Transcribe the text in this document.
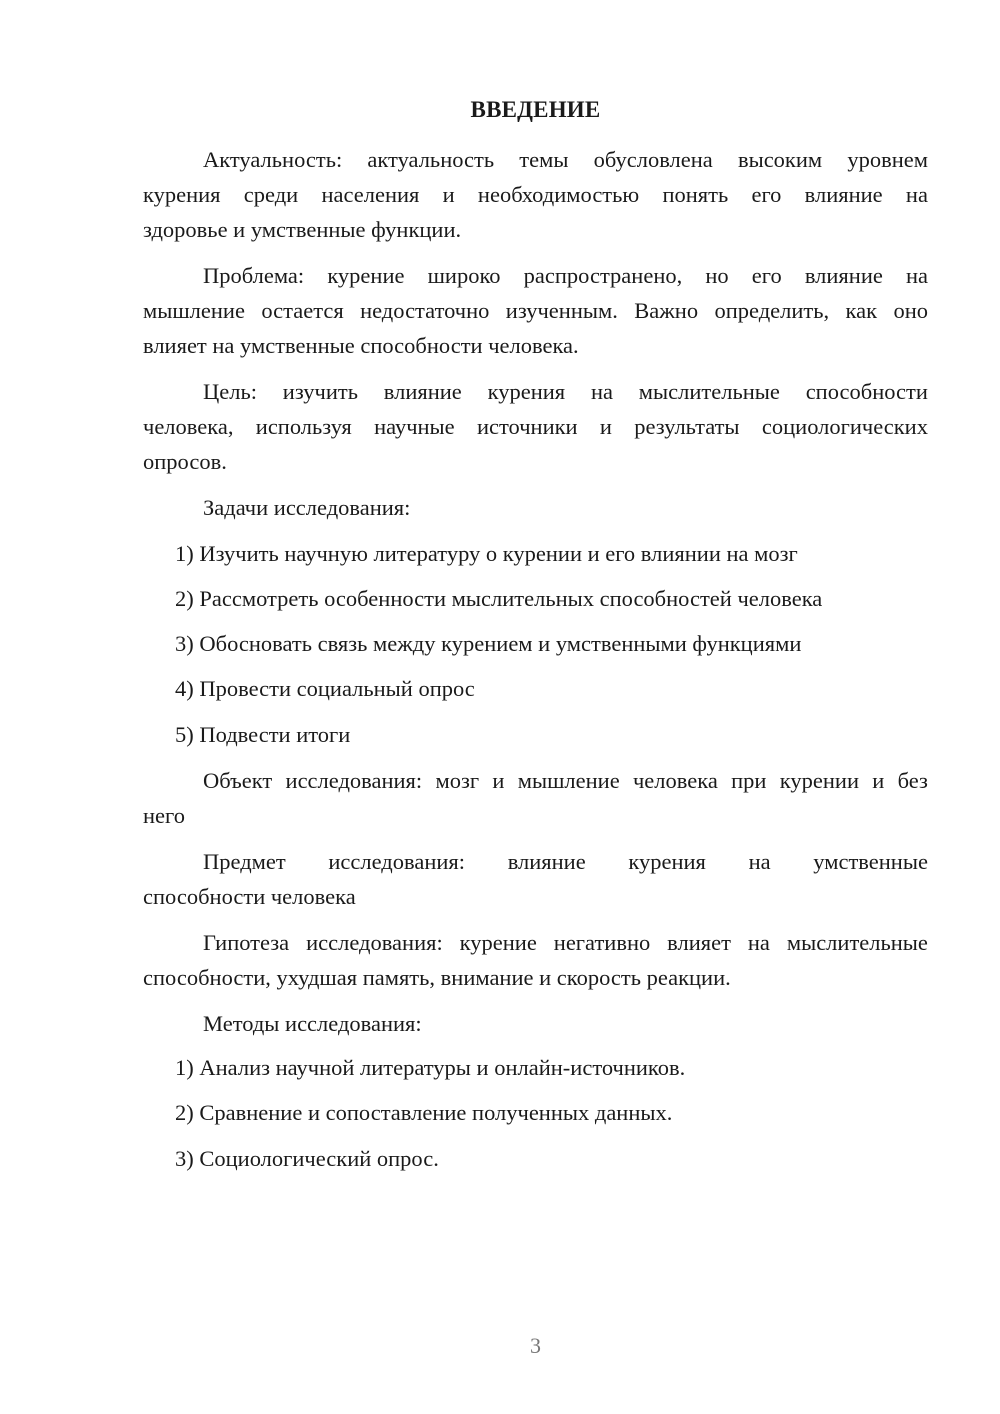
ВВЕДЕНИЕ
Актуальность: актуальность темы обусловлена высоким уровнем
курения среди населения и необходимостью понять его влияние на
здоровье и умственные функции.
Проблема: курение широко распространено, но его влияние на
мышление остается недостаточно изученным. Важно определить, как оно
влияет на умственные способности человека.
Цель: изучить влияние курения на мыслительные способности
человека, используя научные источники и результаты социологических
опросов.
Задачи исследования:
1) Изучить научную литературу о курении и его влиянии на мозг
2) Рассмотреть особенности мыслительных способностей человека
3) Обосновать связь между курением и умственными функциями
4) Провести социальный опрос
5) Подвести итоги
Объект исследования: мозг и мышление человека при курении и без
него
Предмет исследования: влияние курения на умственные
способности человека
Гипотеза исследования: курение негативно влияет на мыслительные
способности, ухудшая память, внимание и скорость реакции.
Методы исследования:
1) Анализ научной литературы и онлайн-источников.
2) Сравнение и сопоставление полученных данных.
3) Социологический опрос.
3
